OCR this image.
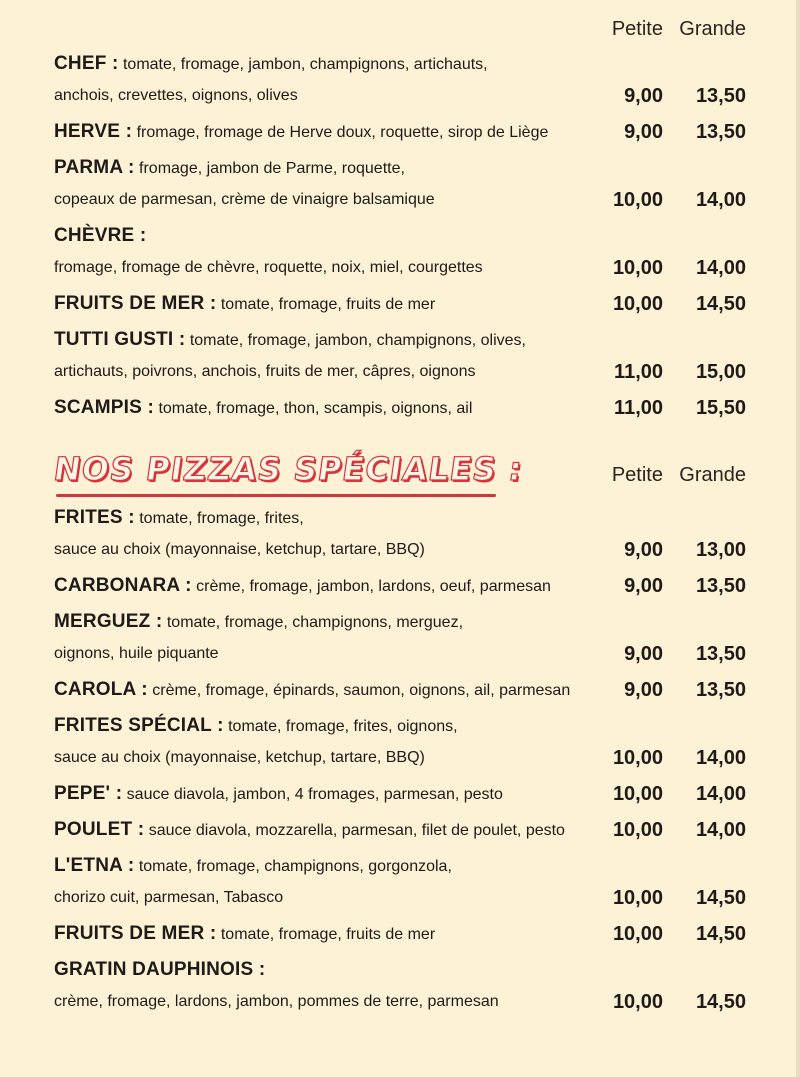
Petite Grande
CHEF : tomate, fromage, jambon, champignons, artichauts,
anchois, crevettes, oignons, olives	9,00 13,50
HERVE : fromage, fromage de Herve doux, roquette, sirop de Liège	9,00 13,50
PARMA : fromage, jambon de Parme, roquette,
copeaux de parmesan, crème de vinaigre balsamique	10,00 14,00
CHÈVRE :
fromage, fromage de chèvre, roquette, noix, miel, courgettes	10,00 14,00
FRUITS DE MER : tomate, fromage, fruits de mer	10,00 14,50
TUTTI GUSTI : tomate, fromage, jambon, champignons, olives,
artichauts, poivrons, anchois, fruits de mer, câpres, oignons	11,00 15,00
SCAMPIS : tomate, fromage, thon, scampis, oignons, ail	11,00 15,50
NOS PIZZAS SPÉCIALES :	Petite Grande
FRITES : tomate, fromage, frites,
sauce au choix (mayonnaise, ketchup, tartare, BBQ)	9,00 13,00
CARBONARA : crème, fromage, jambon, lardons, oeuf, parmesan	9,00 13,50
MERGUEZ : tomate, fromage, champignons, merguez,
oignons, huile piquante	9,00 13,50
CAROLA : crème, fromage, épinards, saumon, oignons, ail, parmesan	9,00 13,50
FRITES SPÉCIAL : tomate, fromage, frites, oignons,
sauce au choix (mayonnaise, ketchup, tartare, BBQ)	10,00 14,00
PEPE' : sauce diavola, jambon, 4 fromages, parmesan, pesto	10,00 14,00
POULET : sauce diavola, mozzarella, parmesan, filet de poulet, pesto 10,00 14,00
L'ETNA : tomate, fromage, champignons, gorgonzola,
chorizo cuit, parmesan, Tabasco	10,00 14,50
FRUITS DE MER : tomate, fromage, fruits de mer	10,00 14,50
GRATIN DAUPHINOIS :
crème, fromage, lardons, jambon, pommes de terre, parmesan	10,00 14,50
